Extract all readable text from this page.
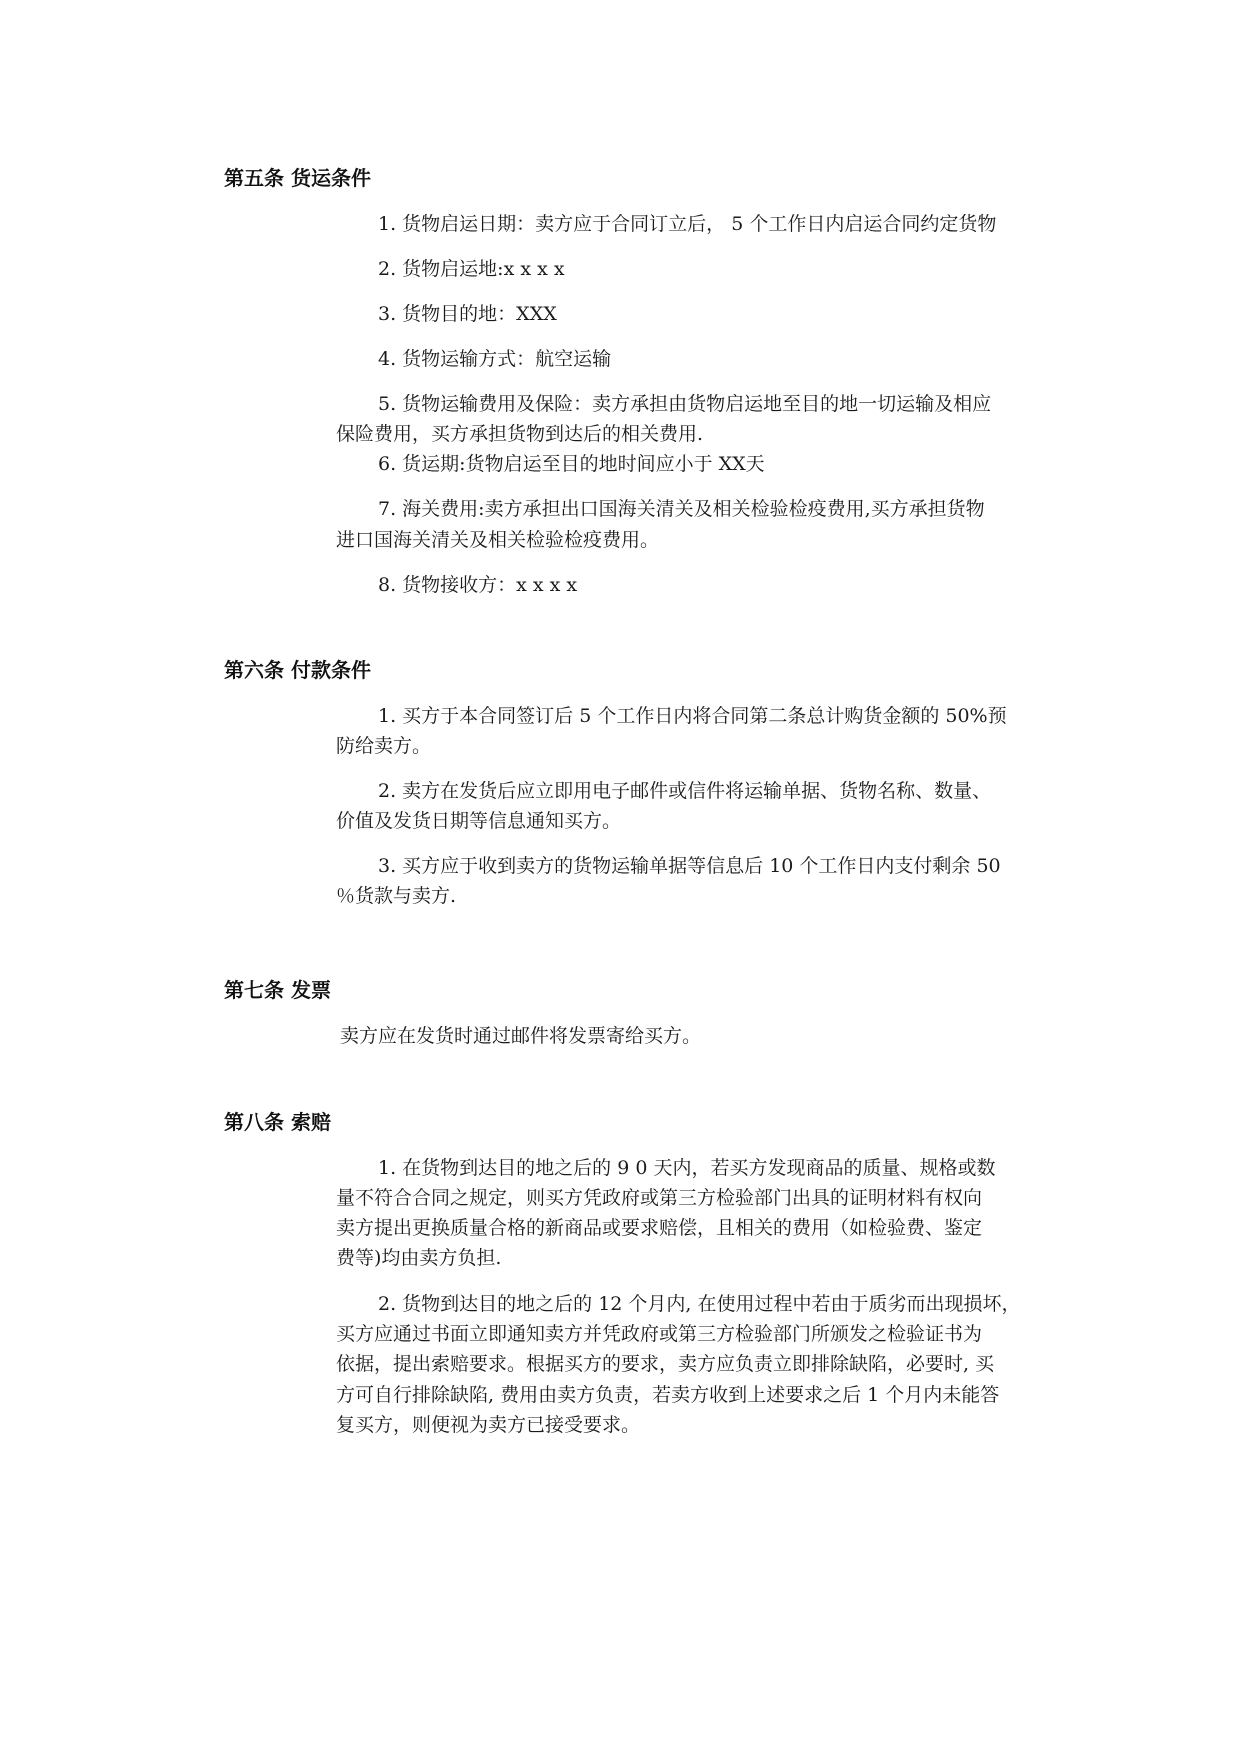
第五条 货运条件
1. 货物启运日期：卖方应于合同订立后， 5 个工作日内启运合同约定货物
2. 货物启运地:x x x x
3. 货物目的地：XXX
4. 货物运输方式：航空运输
5. 货物运输费用及保险：卖方承担由货物启运地至目的地一切运输及相应
保险费用，买方承担货物到达后的相关费用.
6. 货运期:货物启运至目的地时间应小于 XX天
7. 海关费用:卖方承担出口国海关清关及相关检验检疫费用,买方承担货物
进口国海关清关及相关检验检疫费用。
8. 货物接收方：x x x x
第六条 付款条件
1. 买方于本合同签订后 5 个工作日内将合同第二条总计购货金额的 50%预
防给卖方。
2. 卖方在发货后应立即用电子邮件或信件将运输单据、货物名称、数量、
价值及发货日期等信息通知买方。
3. 买方应于收到卖方的货物运输单据等信息后 10 个工作日内支付剩余 50
％货款与卖方.
第七条 发票
卖方应在发货时通过邮件将发票寄给买方。
第八条 索赔
1. 在货物到达目的地之后的 9 0 天内，若买方发现商品的质量、规格或数
量不符合合同之规定，则买方凭政府或第三方检验部门出具的证明材料有权向
卖方提出更换质量合格的新商品或要求赔偿，且相关的费用（如检验费、鉴定
费等)均由卖方负担.
2. 货物到达目的地之后的 12 个月内, 在使用过程中若由于质劣而出现损坏，
买方应通过书面立即通知卖方并凭政府或第三方检验部门所颁发之检验证书为
依据，提出索赔要求。根据买方的要求，卖方应负责立即排除缺陷，必要时, 买
方可自行排除缺陷, 费用由卖方负责，若卖方收到上述要求之后 1 个月内未能答
复买方，则便视为卖方已接受要求。
